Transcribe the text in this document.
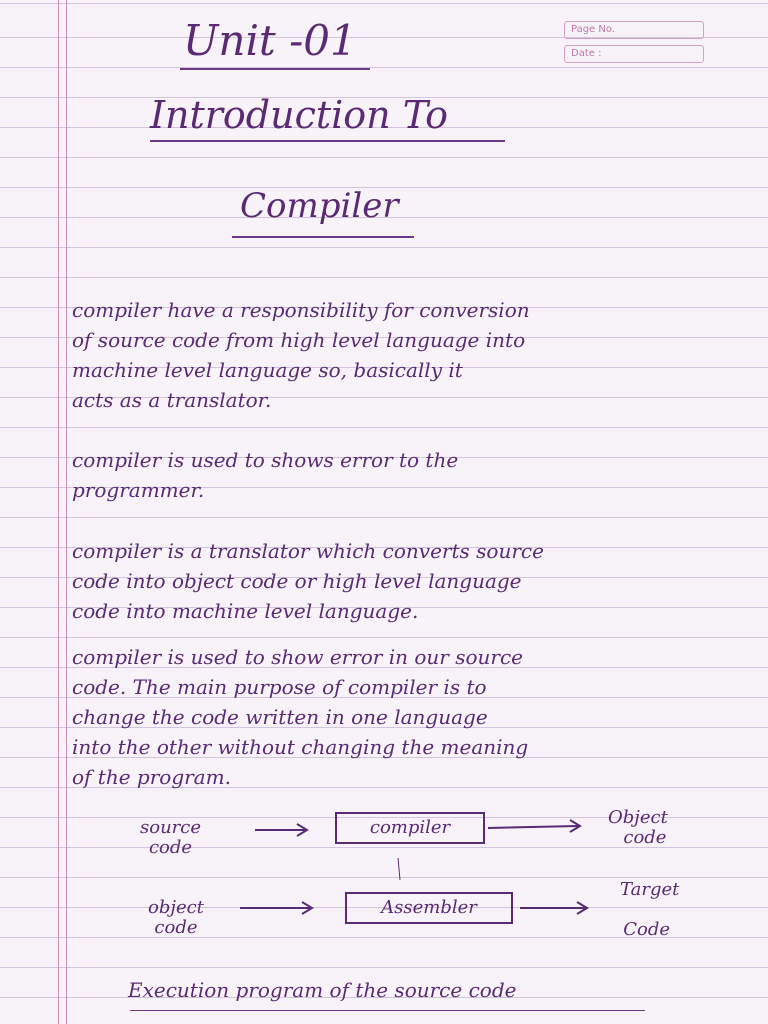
Page No.
Date :
Unit -01
Introduction To
Compiler
compiler have a responsibility for conversion
of source code from high level language into
machine level language so, basically it
acts as a translator.
compiler is used to shows error to the
programmer.
compiler is a translator which converts source
code into object code or high level language
code into machine level language.
compiler is used to show error in our source
code. The main purpose of compiler is to
change the code written in one language
into the other without changing the meaning
of the program.
source
code
compiler	Object
code
object
code
Assembler
Target
Code
Execution program of the source code
